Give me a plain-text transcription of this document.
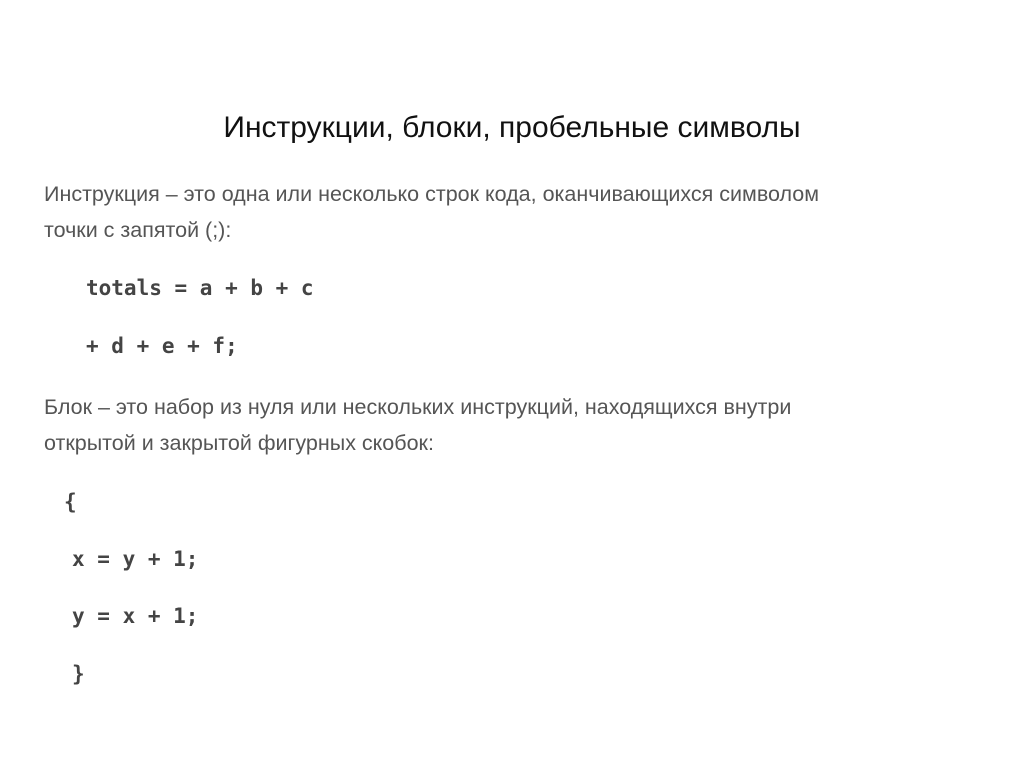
Инструкции, блоки, пробельные символы
Инструкция – это одна или несколько строк кода, оканчивающихся символом
точки с запятой (;):
totals = a + b + c
+ d + e + f;
Блок – это набор из нуля или нескольких инструкций, находящихся внутри
открытой и закрытой фигурных скобок:
{
x = y + 1;
y = x + 1;
}
